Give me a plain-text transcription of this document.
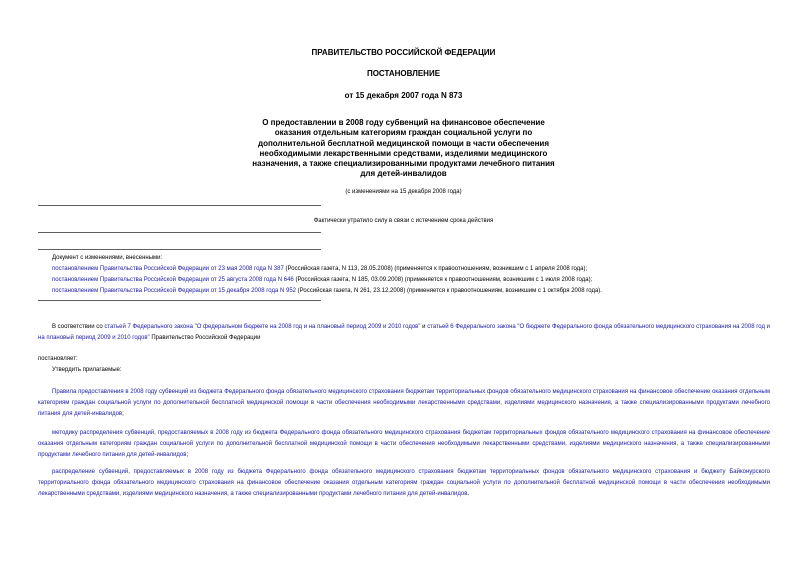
ПРАВИТЕЛЬСТВО РОССИЙСКОЙ ФЕДЕРАЦИИ
ПОСТАНОВЛЕНИЕ
от 15 декабря 2007 года N 873
О предоставлении в 2008 году субвенций на финансовое обеспечение оказания отдельным категориям граждан социальной услуги по дополнительной бесплатной медицинской помощи в части обеспечения необходимыми лекарственными средствами, изделиями медицинского назначения, а также специализированными продуктами лечебного питания для детей-инвалидов
(с изменениями на 15 декабря 2008 года)
Фактически утратило силу в связи с истечением срока действия
Документ с изменениями, внесенными:
постановлением Правительства Российской Федерации от 23 мая 2008 года N 387 (Российская газета, N 113, 28.05.2008) (применяется к правоотношениям, возникшим с 1 апреля 2008 года);
постановлением Правительства Российской Федерации от 25 августа 2008 года N 646 (Российская газета, N 185, 03.09.2008) (применяется к правоотношениям, возникшим с 1 июля 2008 года);
постановлением Правительства Российской Федерации от 15 декабря 2008 года N 952 (Российская газета, N 261, 23.12.2008) (применяется к правоотношениям, возникшим с 1 октября 2008 года).
В соответствии со статьей 7 Федерального закона "О федеральном бюджете на 2008 год и на плановый период 2009 и 2010 годов" и статьей 6 Федерального закона "О бюджете Федерального фонда обязательного медицинского страхования на 2008 год и на плановый период 2009 и 2010 годов" Правительство Российской Федерации
постановляет:
Утвердить прилагаемые:
Правила предоставления в 2008 году субвенций из бюджета Федерального фонда обязательного медицинского страхования бюджетам территориальных фондов обязательного медицинского страхования на финансовое обеспечение оказания отдельным категориям граждан социальной услуги по дополнительной бесплатной медицинской помощи в части обеспечения необходимыми лекарственными средствами, изделиями медицинского назначения, а также специализированными продуктами лечебного питания для детей-инвалидов;
методику распределения субвенций, предоставляемых в 2008 году из бюджета Федерального фонда обязательного медицинского страхования бюджетам территориальных фондов обязательного медицинского страхования на финансовое обеспечение оказания отдельным категориям граждан социальной услуги по дополнительной бесплатной медицинской помощи в части обеспечения необходимыми лекарственными средствами, изделиями медицинского назначения, а также специализированными продуктами лечебного питания для детей-инвалидов;
распределение субвенций, предоставляемых в 2008 году из бюджета Федерального фонда обязательного медицинского страхования бюджетам территориальных фондов обязательного медицинского страхования и бюджету Байконурского территориального фонда обязательного медицинского страхования на финансовое обеспечение оказания отдельным категориям граждан социальной услуги по дополнительной бесплатной медицинской помощи в части обеспечения необходимыми лекарственными средствами, изделиями медицинского назначения, а также специализированными продуктами лечебного питания для детей-инвалидов.
